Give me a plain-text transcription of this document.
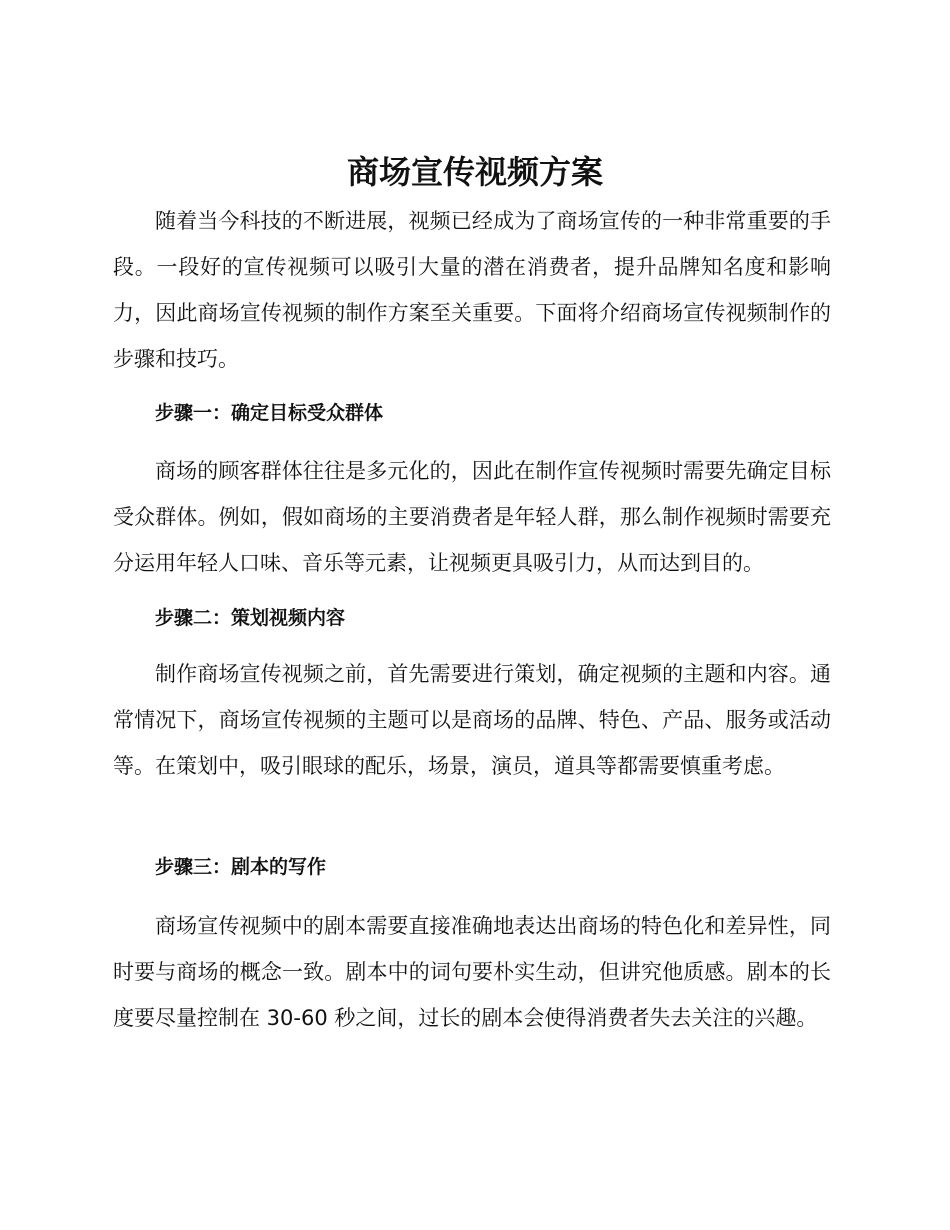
商场宣传视频方案

随着当今科技的不断进展，视频已经成为了商场宣传的一种非常重要的手段。一段好的宣传视频可以吸引大量的潜在消费者，提升品牌知名度和影响力，因此商场宣传视频的制作方案至关重要。下面将介绍商场宣传视频制作的步骤和技巧。

步骤一：确定目标受众群体

商场的顾客群体往往是多元化的，因此在制作宣传视频时需要先确定目标受众群体。例如，假如商场的主要消费者是年轻人群，那么制作视频时需要充分运用年轻人口味、音乐等元素，让视频更具吸引力，从而达到目的。

步骤二：策划视频内容

制作商场宣传视频之前，首先需要进行策划，确定视频的主题和内容。通常情况下，商场宣传视频的主题可以是商场的品牌、特色、产品、服务或活动等。在策划中，吸引眼球的配乐，场景，演员，道具等都需要慎重考虑。

步骤三：剧本的写作

商场宣传视频中的剧本需要直接准确地表达出商场的特色化和差异性，同时要与商场的概念一致。剧本中的词句要朴实生动，但讲究他质感。剧本的长度要尽量控制在 30-60 秒之间，过长的剧本会使得消费者失去关注的兴趣。
